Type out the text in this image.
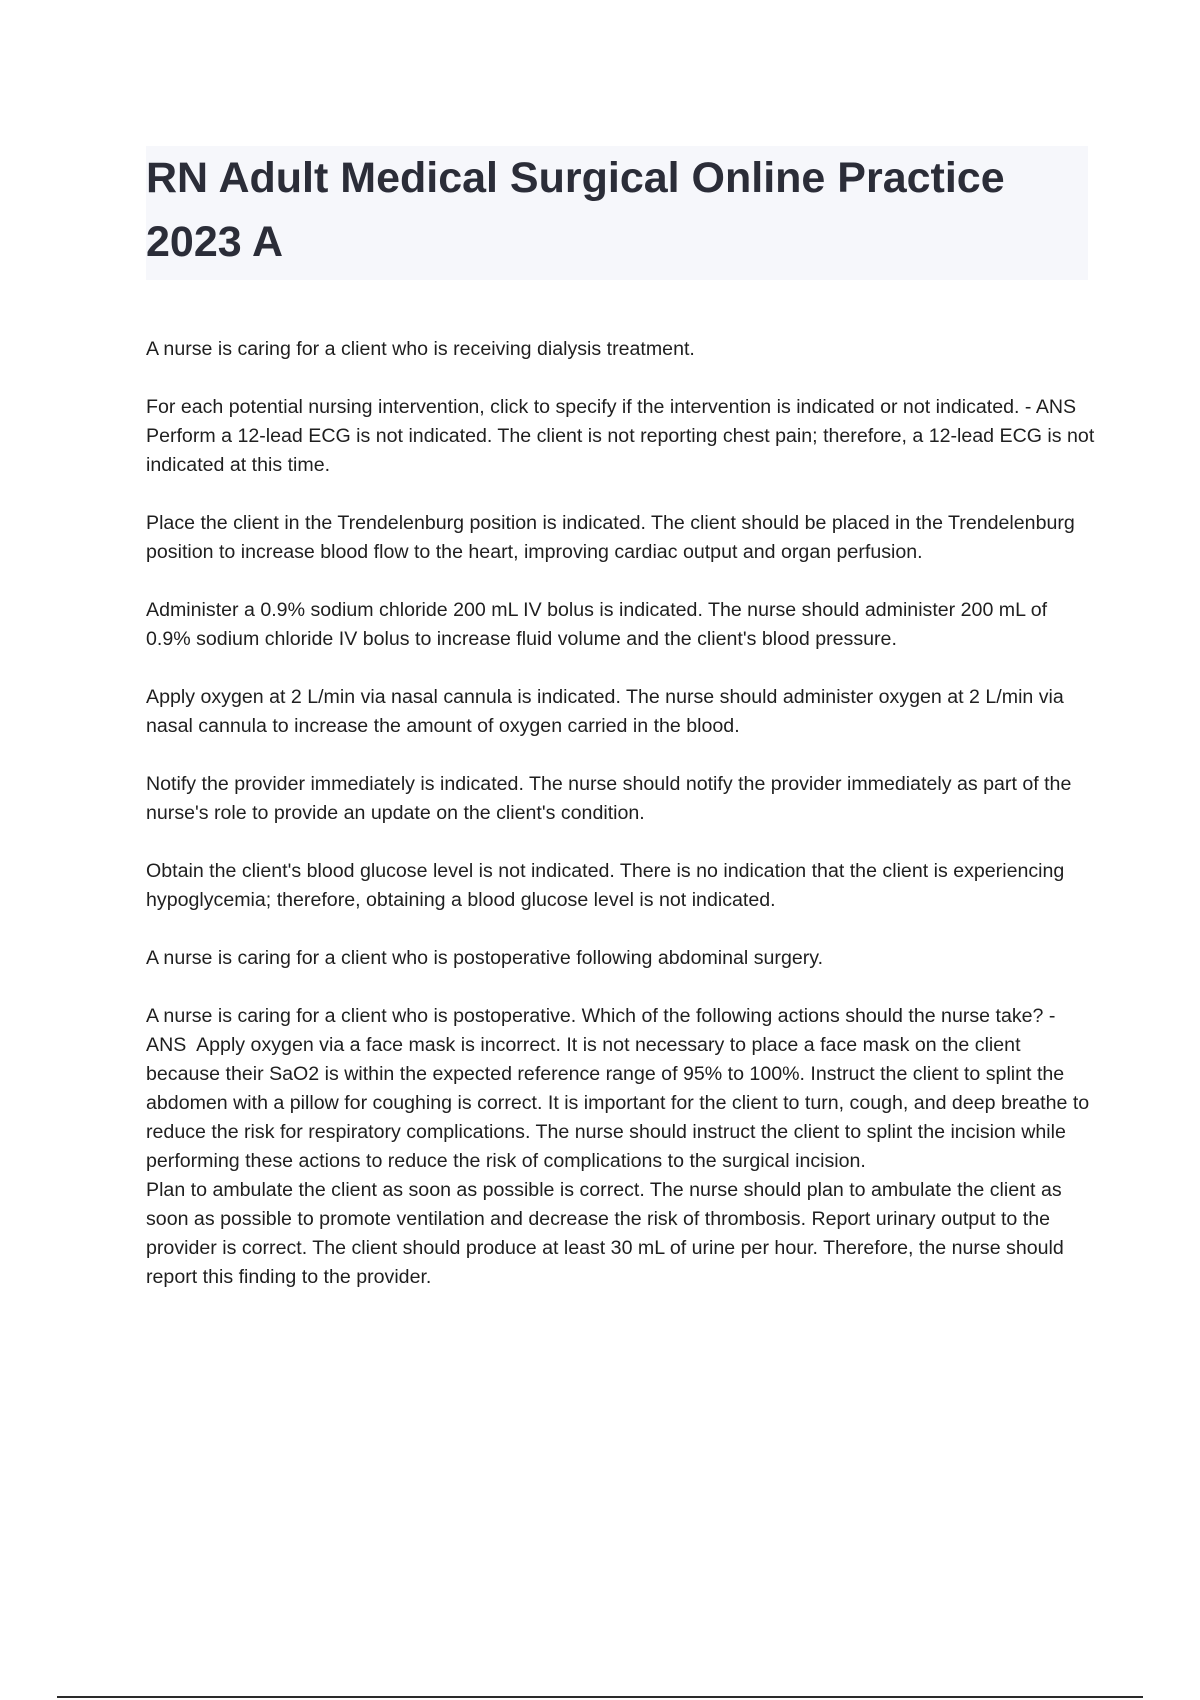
RN Adult Medical Surgical Online Practice 2023 A

A nurse is caring for a client who is receiving dialysis treatment.

For each potential nursing intervention, click to specify if the intervention is indicated or not indicated. - ANS  Perform a 12-lead ECG is not indicated. The client is not reporting chest pain; therefore, a 12-lead ECG is not indicated at this time.

Place the client in the Trendelenburg position is indicated. The client should be placed in the Trendelenburg position to increase blood flow to the heart, improving cardiac output and organ perfusion.

Administer a 0.9% sodium chloride 200 mL IV bolus is indicated. The nurse should administer 200 mL of 0.9% sodium chloride IV bolus to increase fluid volume and the client's blood pressure.

Apply oxygen at 2 L/min via nasal cannula is indicated. The nurse should administer oxygen at 2 L/min via nasal cannula to increase the amount of oxygen carried in the blood.

Notify the provider immediately is indicated. The nurse should notify the provider immediately as part of the nurse's role to provide an update on the client's condition.

Obtain the client's blood glucose level is not indicated. There is no indication that the client is experiencing hypoglycemia; therefore, obtaining a blood glucose level is not indicated.

A nurse is caring for a client who is postoperative following abdominal surgery.

A nurse is caring for a client who is postoperative. Which of the following actions should the nurse take? - ANS  Apply oxygen via a face mask is incorrect. It is not necessary to place a face mask on the client because their SaO2 is within the expected reference range of 95% to 100%. Instruct the client to splint the abdomen with a pillow for coughing is correct. It is important for the client to turn, cough, and deep breathe to reduce the risk for respiratory complications. The nurse should instruct the client to splint the incision while performing these actions to reduce the risk of complications to the surgical incision.

Plan to ambulate the client as soon as possible is correct. The nurse should plan to ambulate the client as soon as possible to promote ventilation and decrease the risk of thrombosis. Report urinary output to the provider is correct. The client should produce at least 30 mL of urine per hour. Therefore, the nurse should report this finding to the provider.
